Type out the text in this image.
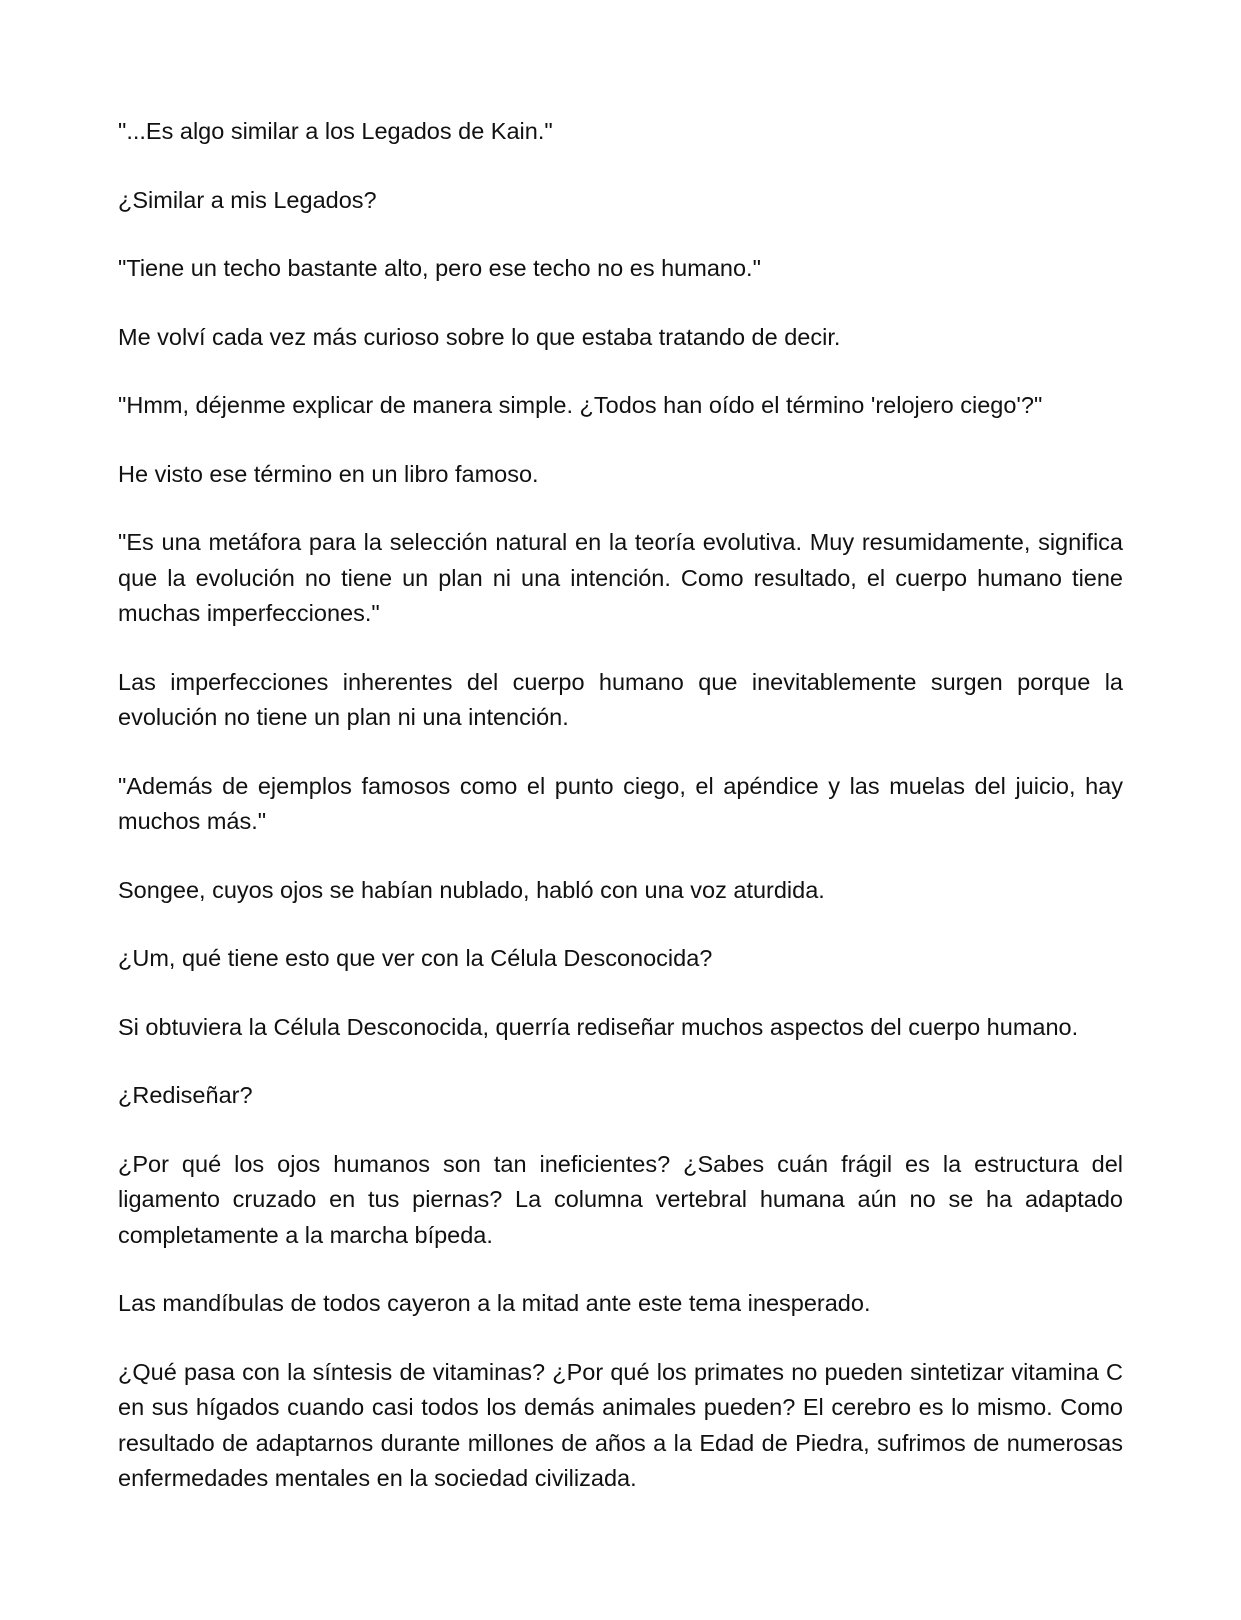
"...Es algo similar a los Legados de Kain."

¿Similar a mis Legados?

"Tiene un techo bastante alto, pero ese techo no es humano."

Me volví cada vez más curioso sobre lo que estaba tratando de decir.

"Hmm, déjenme explicar de manera simple. ¿Todos han oído el término 'relojero ciego'?"

He visto ese término en un libro famoso.

"Es una metáfora para la selección natural en la teoría evolutiva. Muy resumidamente, significa que la evolución no tiene un plan ni una intención. Como resultado, el cuerpo humano tiene muchas imperfecciones."

Las imperfecciones inherentes del cuerpo humano que inevitablemente surgen porque la evolución no tiene un plan ni una intención.

"Además de ejemplos famosos como el punto ciego, el apéndice y las muelas del juicio, hay muchos más."

Songee, cuyos ojos se habían nublado, habló con una voz aturdida.

¿Um, qué tiene esto que ver con la Célula Desconocida?

Si obtuviera la Célula Desconocida, querría rediseñar muchos aspectos del cuerpo humano.

¿Rediseñar?

¿Por qué los ojos humanos son tan ineficientes? ¿Sabes cuán frágil es la estructura del ligamento cruzado en tus piernas? La columna vertebral humana aún no se ha adaptado completamente a la marcha bípeda.

Las mandíbulas de todos cayeron a la mitad ante este tema inesperado.

¿Qué pasa con la síntesis de vitaminas? ¿Por qué los primates no pueden sintetizar vitamina C en sus hígados cuando casi todos los demás animales pueden? El cerebro es lo mismo. Como resultado de adaptarnos durante millones de años a la Edad de Piedra, sufrimos de numerosas enfermedades mentales en la sociedad civilizada.
